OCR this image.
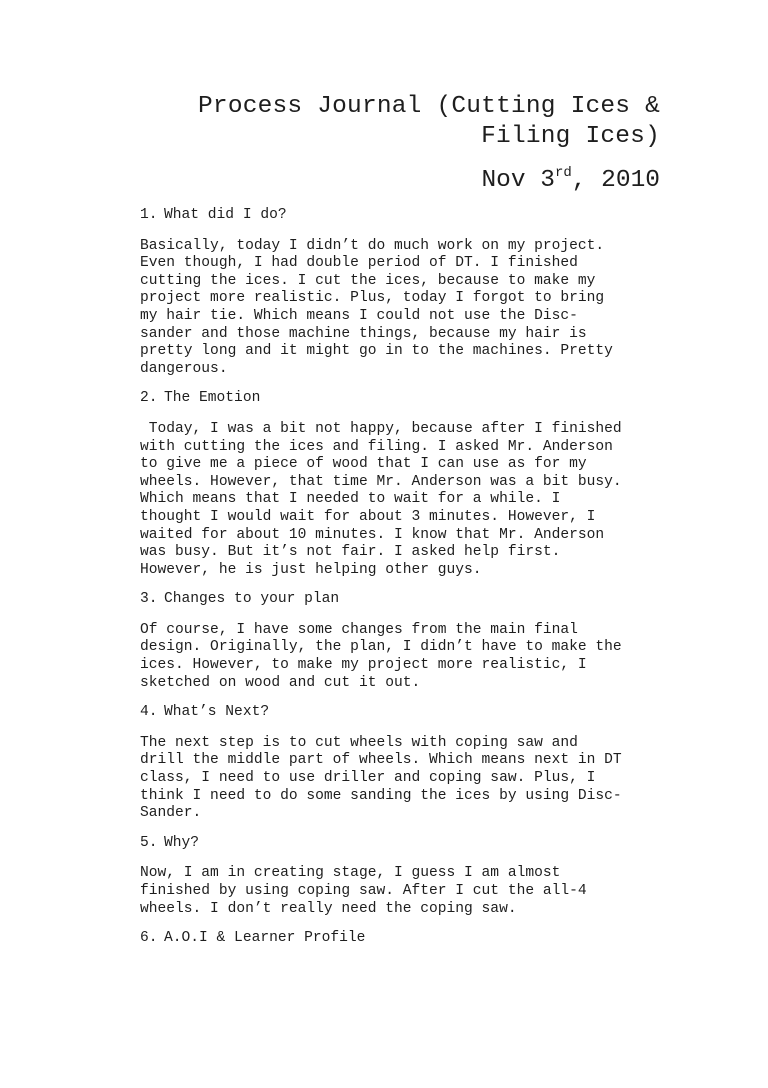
Process Journal (Cutting Ices &
Filing Ices)
Nov 3rd, 2010
1. What did I do?
Basically, today I didn’t do much work on my project.
Even though, I had double period of DT. I finished
cutting the ices. I cut the ices, because to make my
project more realistic. Plus, today I forgot to bring
my hair tie. Which means I could not use the Disc-
sander and those machine things, because my hair is
pretty long and it might go in to the machines. Pretty
dangerous.
2. The Emotion
Today, I was a bit not happy, because after I finished
with cutting the ices and filing. I asked Mr. Anderson
to give me a piece of wood that I can use as for my
wheels. However, that time Mr. Anderson was a bit busy.
Which means that I needed to wait for a while. I
thought I would wait for about 3 minutes. However, I
waited for about 10 minutes. I know that Mr. Anderson
was busy. But it’s not fair. I asked help first.
However, he is just helping other guys.
3. Changes to your plan
Of course, I have some changes from the main final
design. Originally, the plan, I didn’t have to make the
ices. However, to make my project more realistic, I
sketched on wood and cut it out.
4. What’s Next?
The next step is to cut wheels with coping saw and
drill the middle part of wheels. Which means next in DT
class, I need to use driller and coping saw. Plus, I
think I need to do some sanding the ices by using Disc-
Sander.
5. Why?
Now, I am in creating stage, I guess I am almost
finished by using coping saw. After I cut the all-4
wheels. I don’t really need the coping saw.
6. A.O.I & Learner Profile
